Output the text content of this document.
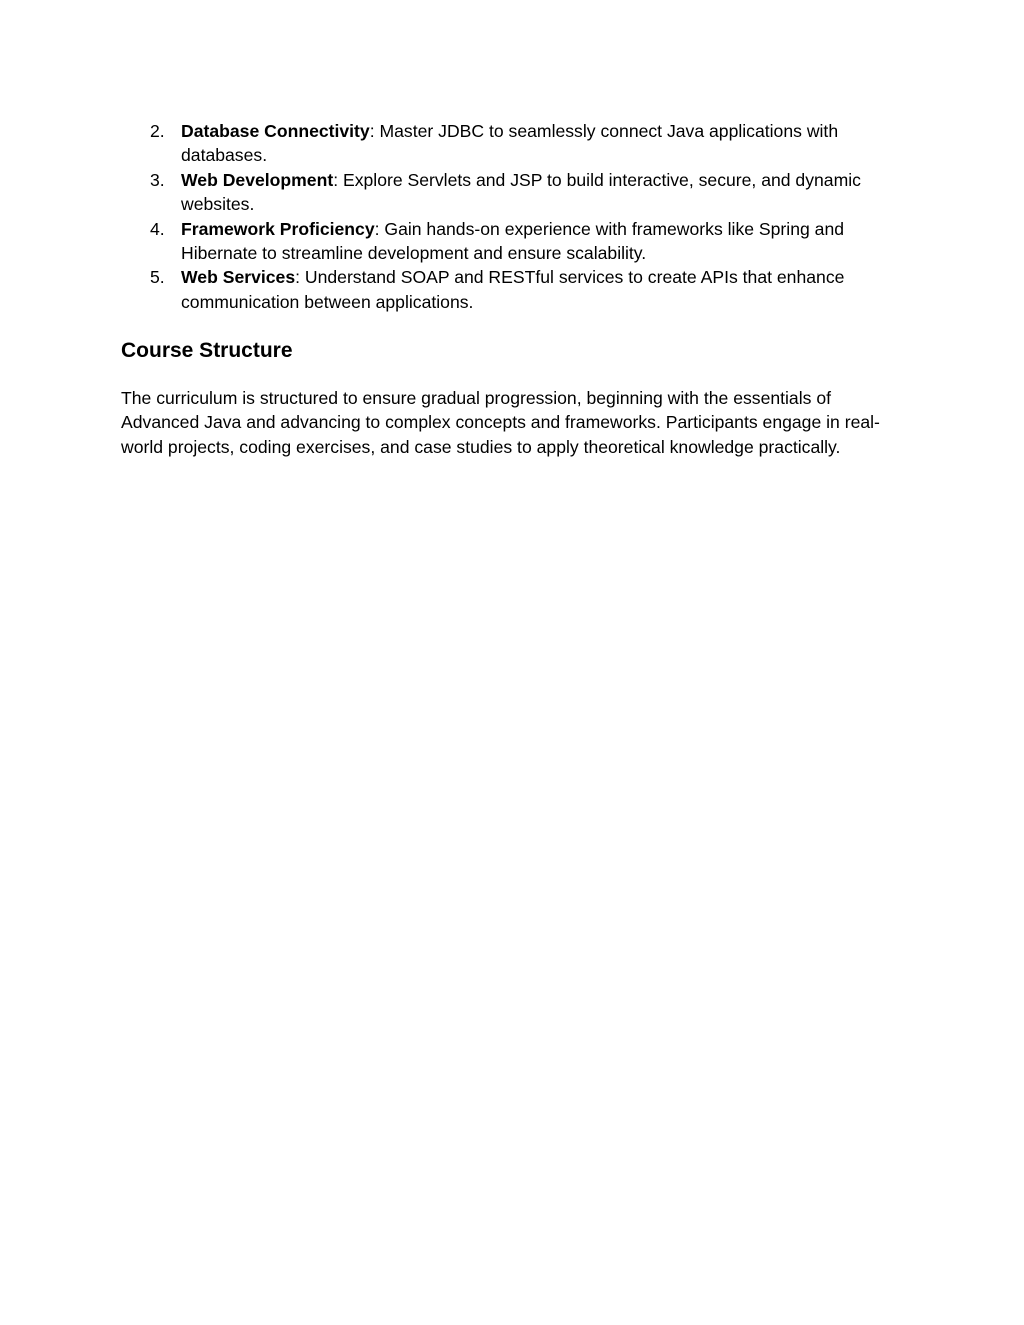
2. Database Connectivity: Master JDBC to seamlessly connect Java applications with databases.
3. Web Development: Explore Servlets and JSP to build interactive, secure, and dynamic websites.
4. Framework Proficiency: Gain hands-on experience with frameworks like Spring and Hibernate to streamline development and ensure scalability.
5. Web Services: Understand SOAP and RESTful services to create APIs that enhance communication between applications.
Course Structure

The curriculum is structured to ensure gradual progression, beginning with the essentials of Advanced Java and advancing to complex concepts and frameworks. Participants engage in real-world projects, coding exercises, and case studies to apply theoretical knowledge practically.
